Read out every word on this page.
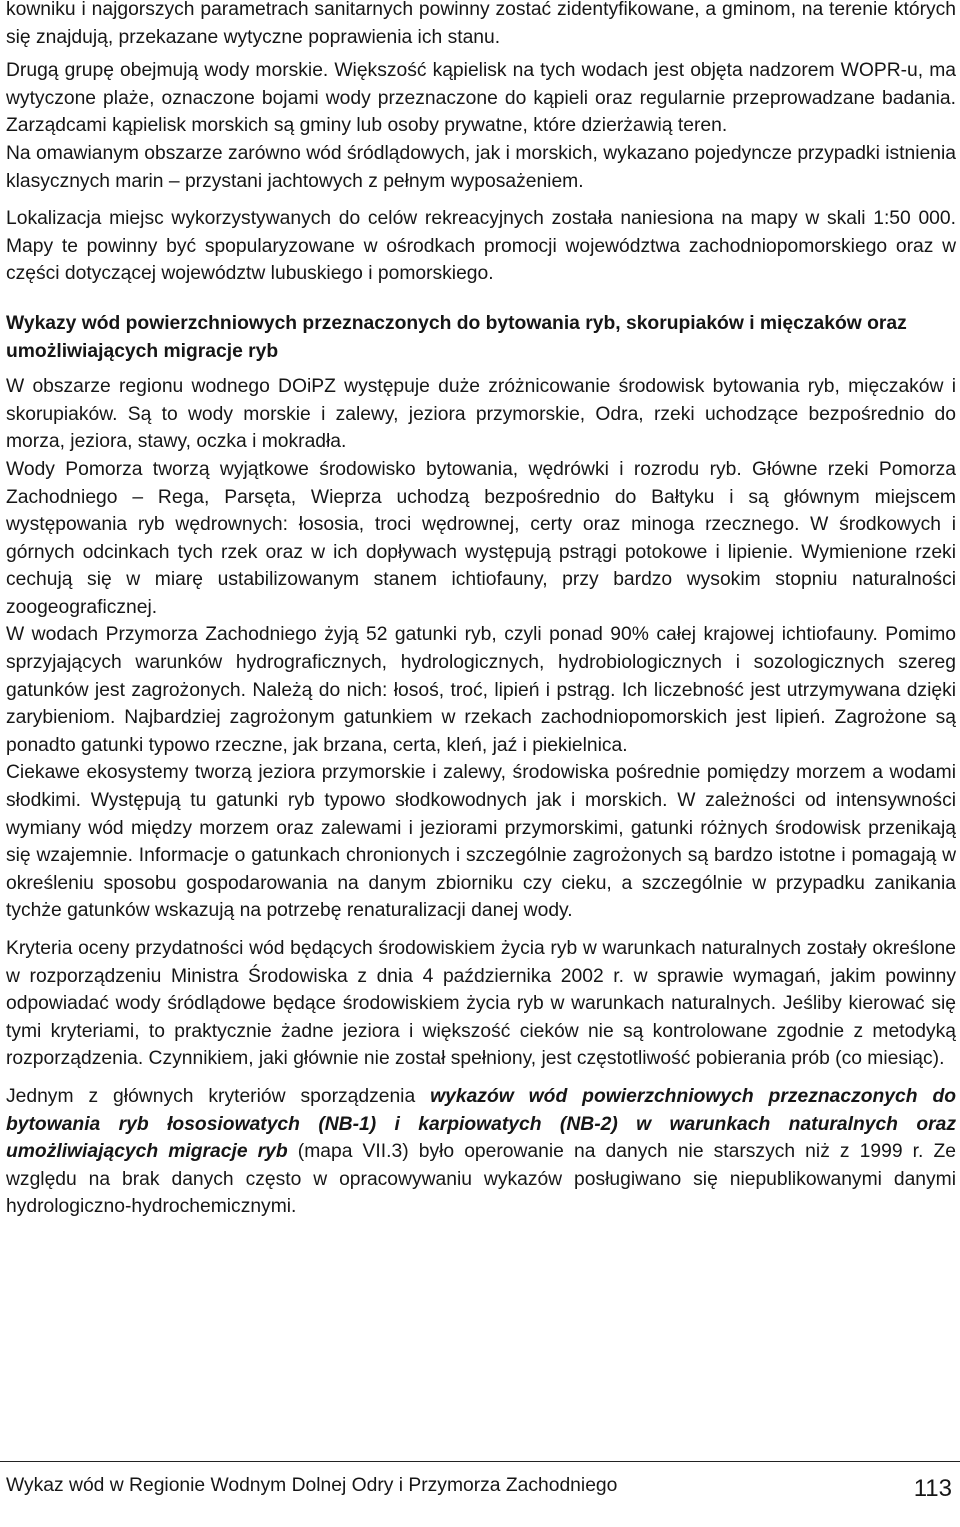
kowniku i najgorszych parametrach sanitarnych powinny zostać zidentyfikowane, a gminom, na terenie których się znajdują, przekazane wytyczne poprawienia ich stanu.

Drugą grupę obejmują wody morskie. Większość kąpielisk na tych wodach jest objęta nadzorem WOPR-u, ma wytyczone plaże, oznaczone bojami wody przeznaczone do kąpieli oraz regularnie przeprowadzane badania. Zarządcami kąpielisk morskich są gminy lub osoby prywatne, które dzierżawią teren.

Na omawianym obszarze zarówno wód śródlądowych, jak i morskich, wykazano pojedyncze przypadki istnienia klasycznych marin – przystani jachtowych z pełnym wyposażeniem.

Lokalizacja miejsc wykorzystywanych do celów rekreacyjnych została naniesiona na mapy w skali 1:50 000. Mapy te powinny być spopularyzowane w ośrodkach promocji województwa zachodniopomorskiego oraz w części dotyczącej województw lubuskiego i pomorskiego.

Wykazy wód powierzchniowych przeznaczonych do bytowania ryb, skorupiaków i mięczaków oraz umożliwiających migracje ryb

W obszarze regionu wodnego DOiPZ występuje duże zróżnicowanie środowisk bytowania ryb, mięczaków i skorupiaków. Są to wody morskie i zalewy, jeziora przymorskie, Odra, rzeki uchodzące bezpośrednio do morza, jeziora, stawy, oczka i mokradła.

Wody Pomorza tworzą wyjątkowe środowisko bytowania, wędrówki i rozrodu ryb. Główne rzeki Pomorza Zachodniego – Rega, Parsęta, Wieprza uchodzą bezpośrednio do Bałtyku i są głównym miejscem występowania ryb wędrownych: łososia, troci wędrownej, certy oraz minoga rzecznego. W środkowych i górnych odcinkach tych rzek oraz w ich dopływach występują pstrągi potokowe i lipienie. Wymienione rzeki cechują się w miarę ustabilizowanym stanem ichtiofauny, przy bardzo wysokim stopniu naturalności zoogeograficznej.

W wodach Przymorza Zachodniego żyją 52 gatunki ryb, czyli ponad 90% całej krajowej ichtiofauny. Pomimo sprzyjających warunków hydrograficznych, hydrologicznych, hydrobiologicznych i sozologicznych szereg gatunków jest zagrożonych. Należą do nich: łosoś, troć, lipień i pstrąg. Ich liczebność jest utrzymywana dzięki zarybieniom. Najbardziej zagrożonym gatunkiem w rzekach zachodniopomorskich jest lipień. Zagrożone są ponadto gatunki typowo rzeczne, jak brzana, certa, kleń, jaź i piekielnica.

Ciekawe ekosystemy tworzą jeziora przymorskie i zalewy, środowiska pośrednie pomiędzy morzem a wodami słodkimi. Występują tu gatunki ryb typowo słodkowodnych jak i morskich. W zależności od intensywności wymiany wód między morzem oraz zalewami i jeziorami przymorskimi, gatunki różnych środowisk przenikają się wzajemnie. Informacje o gatunkach chronionych i szczególnie zagrożonych są bardzo istotne i pomagają w określeniu sposobu gospodarowania na danym zbiorniku czy cieku, a szczególnie w przypadku zanikania tychże gatunków wskazują na potrzebę renaturalizacji danej wody.

Kryteria oceny przydatności wód będących środowiskiem życia ryb w warunkach naturalnych zostały określone w rozporządzeniu Ministra Środowiska z dnia 4 października 2002 r. w sprawie wymagań, jakim powinny odpowiadać wody śródlądowe będące środowiskiem życia ryb w warunkach naturalnych. Jeśliby kierować się tymi kryteriami, to praktycznie żadne jeziora i większość cieków nie są kontrolowane zgodnie z metodyką rozporządzenia. Czynnikiem, jaki głównie nie został spełniony, jest częstotliwość pobierania prób (co miesiąc).

Jednym z głównych kryteriów sporządzenia wykazów wód powierzchniowych przeznaczonych do bytowania ryb łososiowatych (NB-1) i karpiowatych (NB-2) w warunkach naturalnych oraz umożliwiających migracje ryb (mapa VII.3) było operowanie na danych nie starszych niż z 1999 r. Ze względu na brak danych często w opracowywaniu wykazów posługiwano się niepublikowanymi danymi hydrologiczno-hydrochemicznymi.

Wykaz wód w Regionie Wodnym Dolnej Odry i Przymorza Zachodniego	113
